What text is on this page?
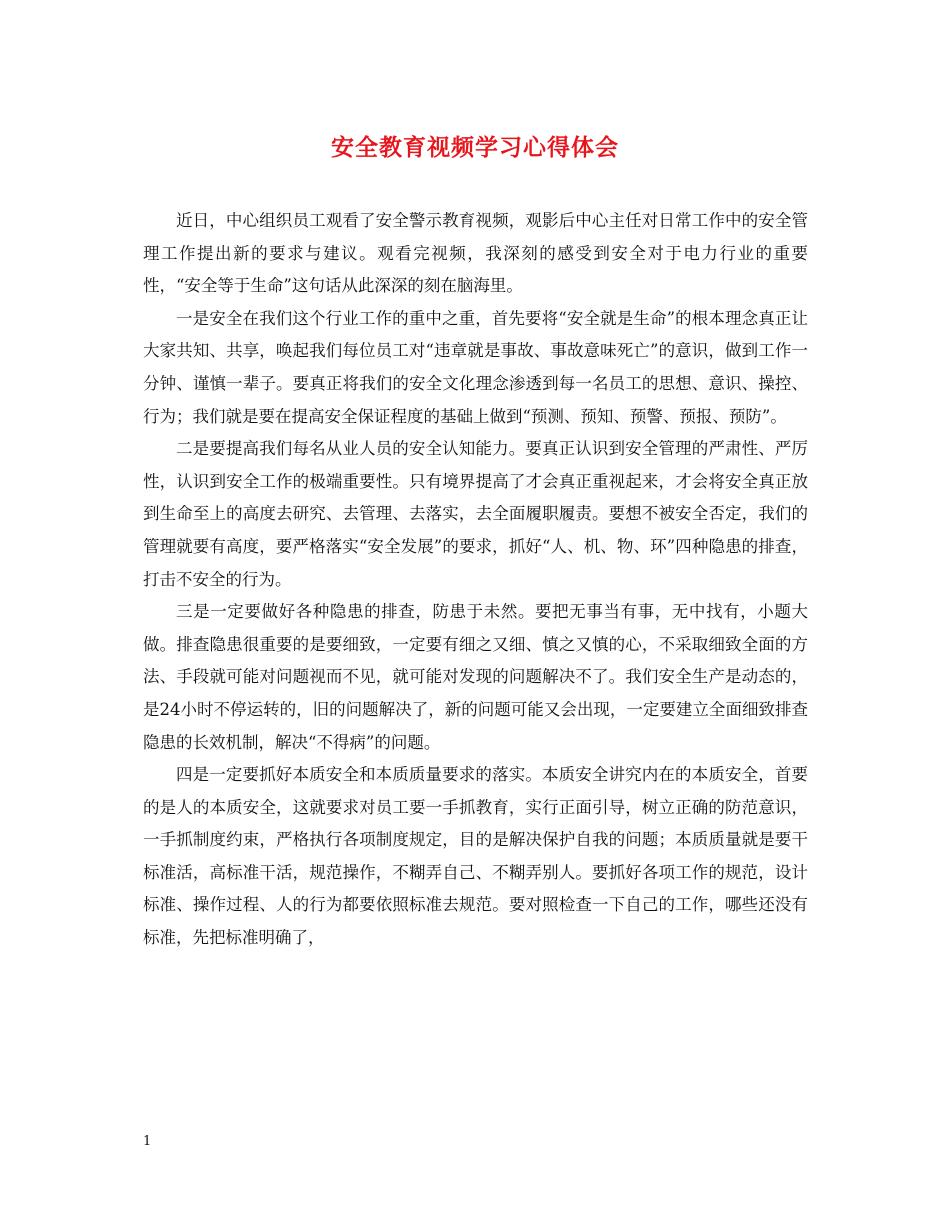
安全教育视频学习心得体会

近日，中心组织员工观看了安全警示教育视频，观影后中心主任对日常工作中的安全管理工作提出新的要求与建议。观看完视频，我深刻的感受到安全对于电力行业的重要性，“安全等于生命”这句话从此深深的刻在脑海里。

一是安全在我们这个行业工作的重中之重，首先要将“安全就是生命”的根本理念真正让大家共知、共享，唤起我们每位员工对“违章就是事故、事故意味死亡”的意识，做到工作一分钟、谨慎一辈子。要真正将我们的安全文化理念渗透到每一名员工的思想、意识、操控、行为；我们就是要在提高安全保证程度的基础上做到“预测、预知、预警、预报、预防”。

二是要提高我们每名从业人员的安全认知能力。要真正认识到安全管理的严肃性、严厉性，认识到安全工作的极端重要性。只有境界提高了才会真正重视起来，才会将安全真正放到生命至上的高度去研究、去管理、去落实，去全面履职履责。要想不被安全否定，我们的管理就要有高度，要严格落实“安全发展”的要求，抓好“人、机、物、环”四种隐患的排查，打击不安全的行为。

三是一定要做好各种隐患的排查，防患于未然。要把无事当有事，无中找有，小题大做。排查隐患很重要的是要细致，一定要有细之又细、慎之又慎的心，不采取细致全面的方法、手段就可能对问题视而不见，就可能对发现的问题解决不了。我们安全生产是动态的，是24小时不停运转的，旧的问题解决了，新的问题可能又会出现，一定要建立全面细致排查隐患的长效机制，解决“不得病”的问题。

四是一定要抓好本质安全和本质质量要求的落实。本质安全讲究内在的本质安全，首要的是人的本质安全，这就要求对员工要一手抓教育，实行正面引导，树立正确的防范意识，一手抓制度约束，严格执行各项制度规定，目的是解决保护自我的问题；本质质量就是要干标准活，高标准干活，规范操作，不糊弄自己、不糊弄别人。要抓好各项工作的规范，设计标准、操作过程、人的行为都要依照标准去规范。要对照检查一下自己的工作，哪些还没有标准，先把标准明确了，

1
